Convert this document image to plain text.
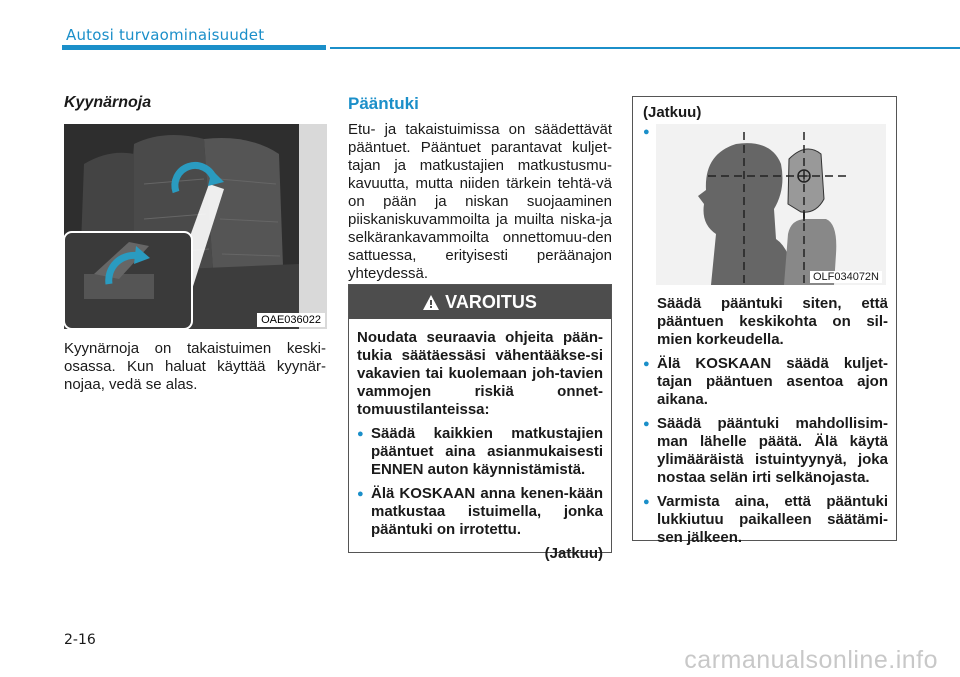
Autosi turvaominaisuudet
Kyynärnoja
OAE036022
Kyynärnoja on takaistuimen keski-osassa. Kun haluat käyttää kyynär-nojaa, vedä se alas.
Pääntuki
Etu- ja takaistuimissa on säädettävät pääntuet. Pääntuet parantavat kuljet-tajan ja matkustajien matkustusmu-kavuutta, mutta niiden tärkein tehtä-vä on pään ja niskan suojaaminen piiskaniskuvammoilta ja muilta niska-ja selkärankavammoilta onnettomuu-den sattuessa, erityisesti peräänajon yhteydessä.
VAROITUS
Noudata seuraavia ohjeita pään-tukia säätäessäsi vähentääkse-si vakavien tai kuolemaan joh-tavien vammojen riskiä onnet-tomuustilanteissa:
● Säädä kaikkien matkustajien pääntuet aina asianmukaisesti ENNEN auton käynnistämistä.
● Älä KOSKAAN anna kenen-kään matkustaa istuimella, jonka pääntuki on irrotettu.
(Jatkuu)
(Jatkuu)
●
OLF034072N
Säädä pääntuki siten, että pääntuen keskikohta on sil-mien korkeudella.
● Älä KOSKAAN säädä kuljet-tajan pääntuen asentoa ajon aikana.
● Säädä pääntuki mahdollisim-man lähelle päätä. Älä käytä ylimääräistä istuintyynyä, joka nostaa selän irti selkänojasta.
● Varmista aina, että pääntuki lukkiutuu paikalleen säätämi-sen jälkeen.
2-16
carmanualsonline.info
